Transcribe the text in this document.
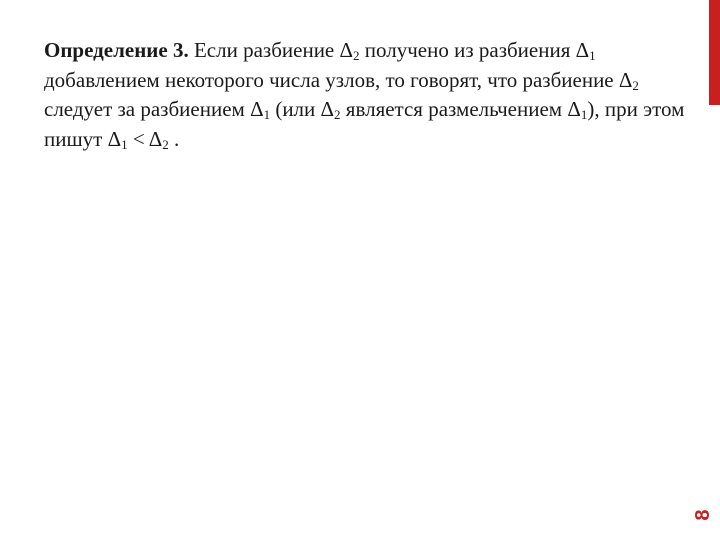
Определение 3. Если разбиение $\Delta_2$ получено из разбиения $\Delta_1$ добавлением некоторого числа узлов, то говорят, что разбиение $\Delta_2$ следует за разбиением $\Delta_1$ (или $\Delta_2$ является размельчением $\Delta_1$), при этом пишут $\Delta_1 < \Delta_2$ .

8
